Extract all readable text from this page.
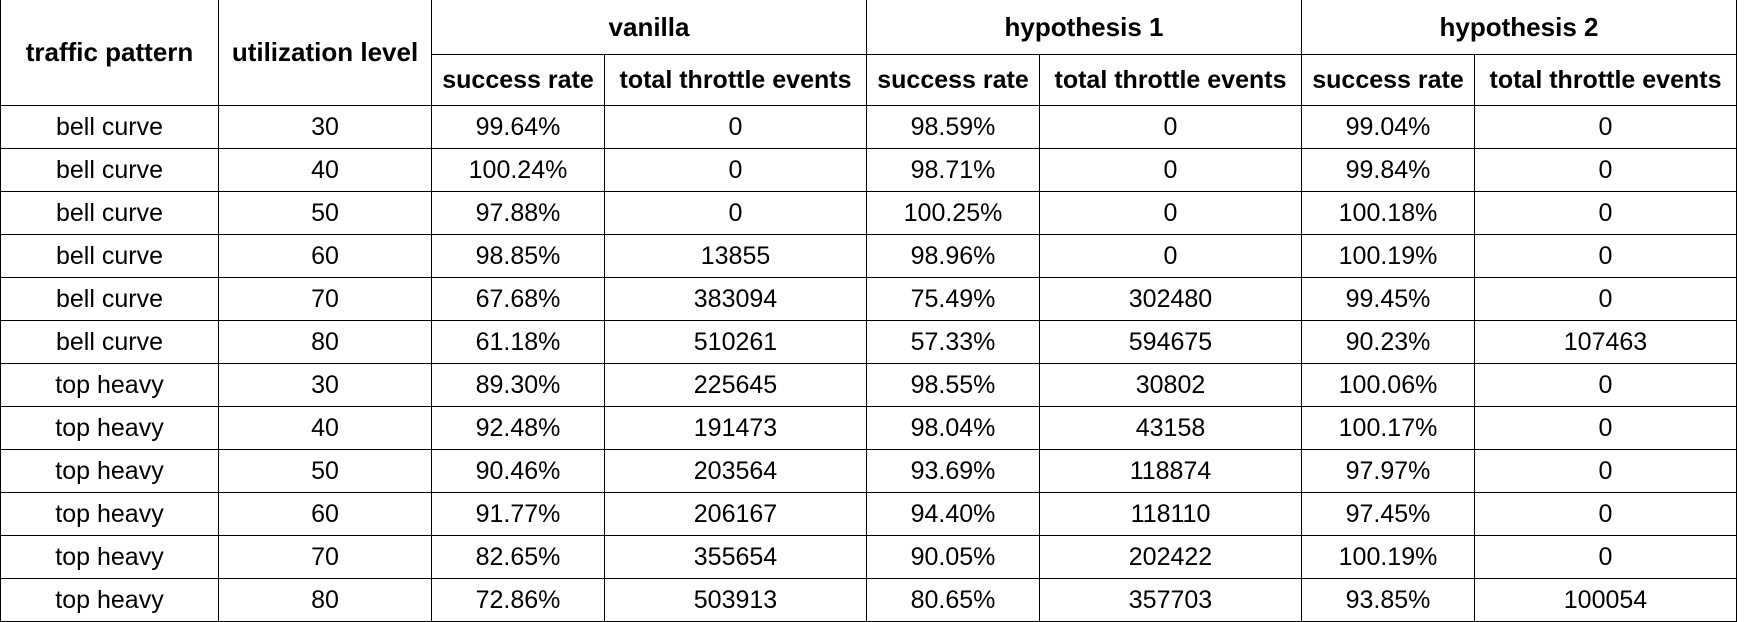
traffic pattern	utilization level	vanilla		hypothesis 1		hypothesis 2	
		success rate	total throttle events	success rate	total throttle events	success rate	total throttle events
bell curve	30	99.64%	0	98.59%	0	99.04%	0
bell curve	40	100.24%	0	98.71%	0	99.84%	0
bell curve	50	97.88%	0	100.25%	0	100.18%	0
bell curve	60	98.85%	13855	98.96%	0	100.19%	0
bell curve	70	67.68%	383094	75.49%	302480	99.45%	0
bell curve	80	61.18%	510261	57.33%	594675	90.23%	107463
top heavy	30	89.30%	225645	98.55%	30802	100.06%	0
top heavy	40	92.48%	191473	98.04%	43158	100.17%	0
top heavy	50	90.46%	203564	93.69%	118874	97.97%	0
top heavy	60	91.77%	206167	94.40%	118110	97.45%	0
top heavy	70	82.65%	355654	90.05%	202422	100.19%	0
top heavy	80	72.86%	503913	80.65%	357703	93.85%	100054
